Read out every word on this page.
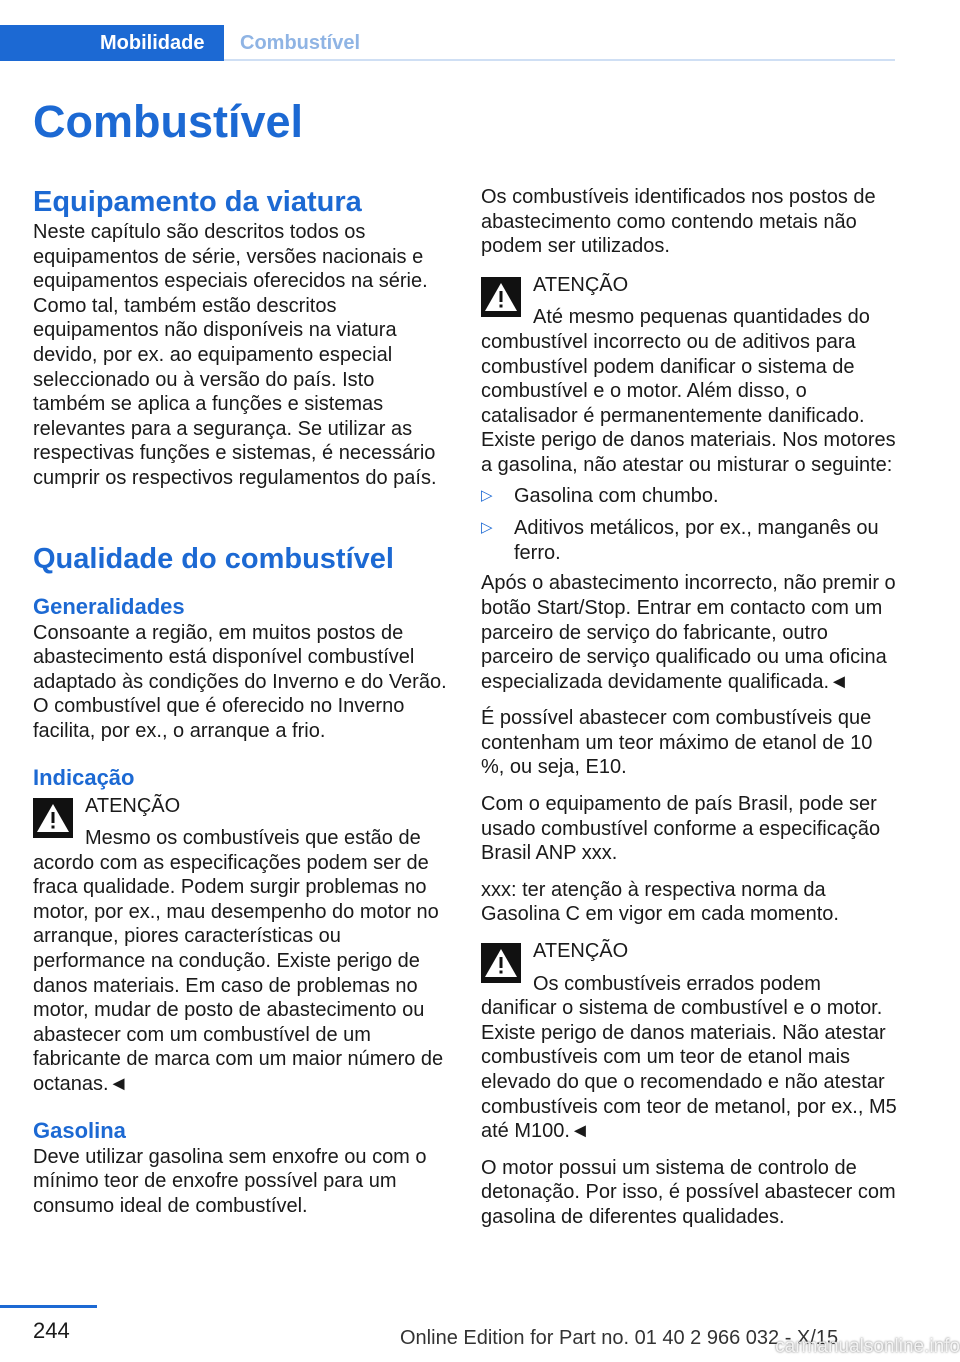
Mobilidade	Combustível
Combustível
Equipamento da viatura

Neste capítulo são descritos todos os equipamentos de série, versões nacionais e equipamentos especiais oferecidos na série. Como tal, também estão descritos equipamentos não disponíveis na viatura devido, por ex. ao equipamento especial seleccionado ou à versão do país. Isto também se aplica a funções e sistemas relevantes para a segurança. Se utilizar as respectivas funções e sistemas, é necessário cumprir os respectivos regulamentos do país.

Qualidade do combustível
Generalidades

Consoante a região, em muitos postos de abastecimento está disponível combustível adaptado às condições do Inverno e do Verão. O combustível que é oferecido no Inverno facilita, por ex., o arranque a frio.

Indicação
ATENÇÃO
Mesmo os combustíveis que estão de acordo com as especificações podem ser de fraca qualidade. Podem surgir problemas no motor, por ex., mau desempenho do motor no arranque, piores características ou performance na condução. Existe perigo de danos materiais. Em caso de problemas no motor, mudar de posto de abastecimento ou abastecer com um combustível de um fabricante de marca com um maior número de octanas.◄
Gasolina

Deve utilizar gasolina sem enxofre ou com o mínimo teor de enxofre possível para um consumo ideal de combustível.

Os combustíveis identificados nos postos de abastecimento como contendo metais não podem ser utilizados.

ATENÇÃO
Até mesmo pequenas quantidades do combustível incorrecto ou de aditivos para combustível podem danificar o sistema de combustível e o motor. Além disso, o catalisador é permanentemente danificado. Existe perigo de danos materiais. Nos motores a gasolina, não atestar ou misturar o seguinte:
▷ Gasolina com chumbo.
▷ Aditivos metálicos, por ex., manganês ou ferro.

Após o abastecimento incorrecto, não premir o botão Start/Stop. Entrar em contacto com um parceiro de serviço do fabricante, outro parceiro de serviço qualificado ou uma oficina especializada devidamente qualificada.◄

É possível abastecer com combustíveis que contenham um teor máximo de etanol de 10 %, ou seja, E10.

Com o equipamento de país Brasil, pode ser usado combustível conforme a especificação Brasil ANP xxx.

xxx: ter atenção à respectiva norma da Gasolina C em vigor em cada momento.

ATENÇÃO
Os combustíveis errados podem danificar o sistema de combustível e o motor. Existe perigo de danos materiais. Não atestar combustíveis com um teor de etanol mais elevado do que o recomendado e não atestar combustíveis com teor de metanol, por ex., M5 até M100.◄

O motor possui um sistema de controlo de detonação. Por isso, é possível abastecer com gasolina de diferentes qualidades.

244	Online Edition for Part no. 01 40 2 966 032 - X/15
carmanualsonline.info
